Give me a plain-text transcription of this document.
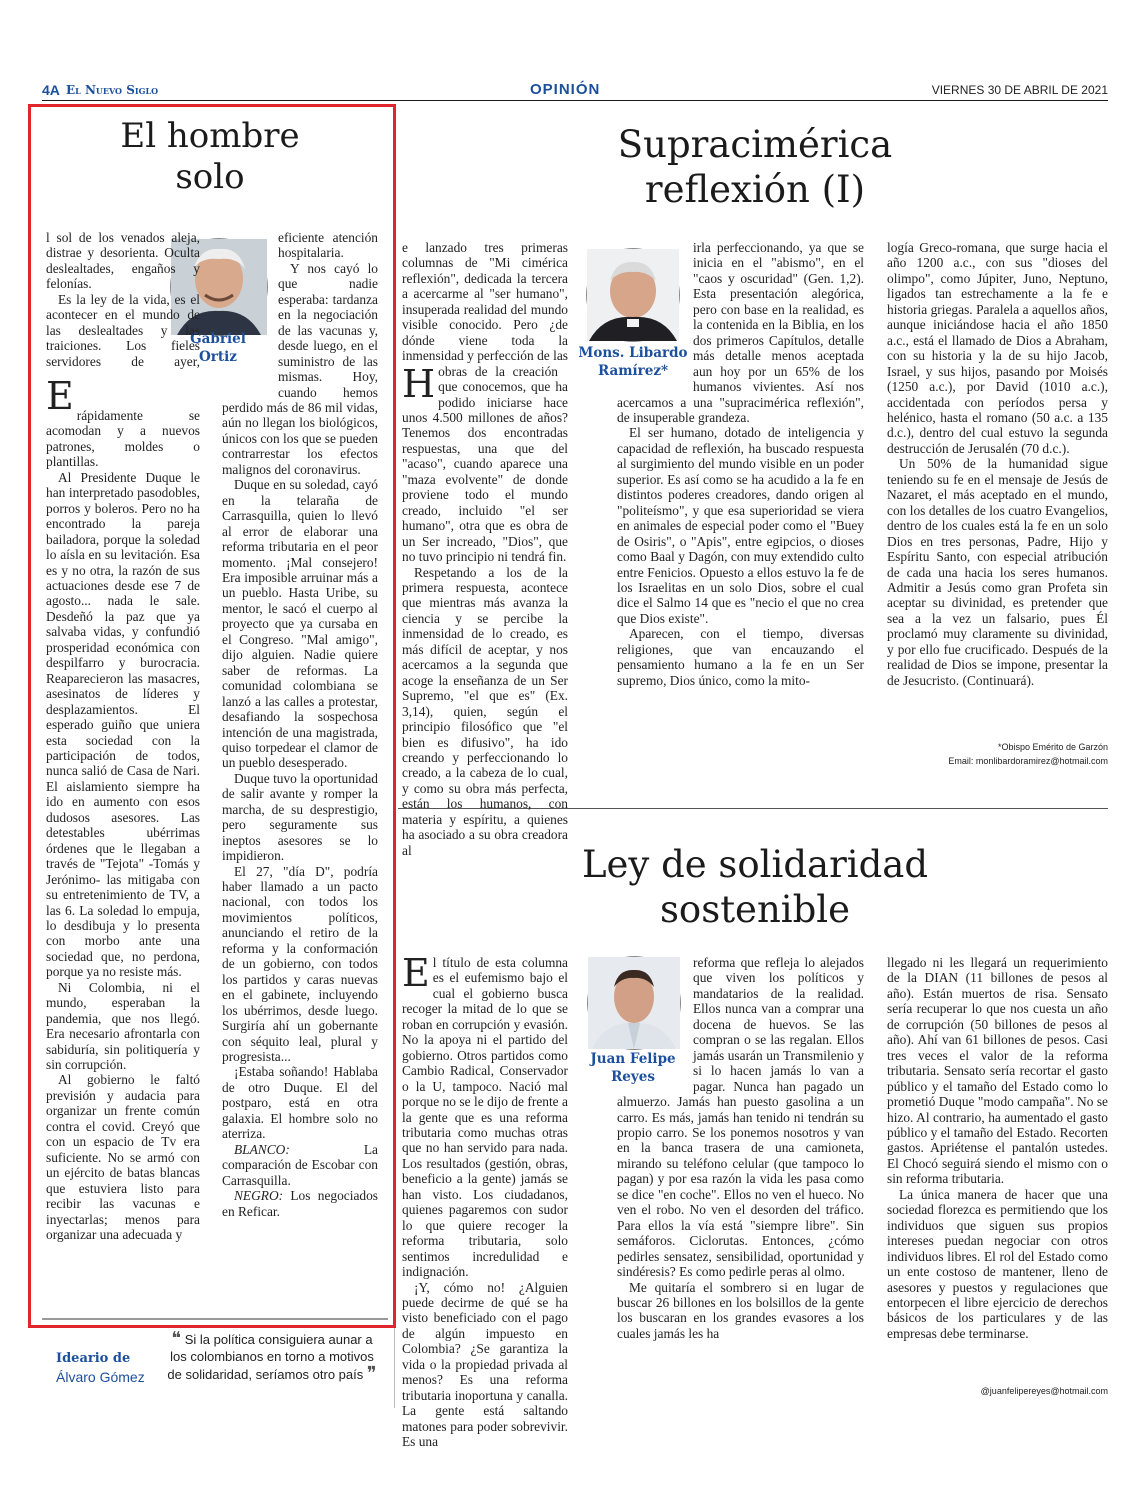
4A El Nuevo Siglo	OPINIÓN	VIERNES 30 DE ABRIL DE 2021
El hombre
solo
Gabriel
Ortiz
E

l sol de los venados aleja, distrae y desorienta. Oculta deslealtades, engaños y felonías.

Es la ley de la vida, es el acontecer en el mundo de las deslealtades y las traiciones. Los fieles servidores de ayer, rápidamente se acomodan y a nuevos patrones, moldes o plantillas.

Al Presidente Duque le han interpretado pasodobles, porros y boleros. Pero no ha encontrado la pareja bailadora, porque la soledad lo aísla en su levitación. Esa es y no otra, la razón de sus actuaciones desde ese 7 de agosto... nada le sale. Desdeñó la paz que ya salvaba vidas, y confundió prosperidad económica con despilfarro y burocracia. Reaparecieron las masacres, asesinatos de líderes y desplazamientos. El esperado guiño que uniera esta sociedad con la participación de todos, nunca salió de Casa de Nari. El aislamiento siempre ha ido en aumento con esos dudosos asesores. Las detestables ubérrimas órdenes que le llegaban a través de "Tejota" -Tomás y Jerónimo- las mitigaba con su entretenimiento de TV, a las 6. La soledad lo empuja, lo desdibuja y lo presenta con morbo ante una sociedad que, no perdona, porque ya no resiste más.

Ni Colombia, ni el mundo, esperaban la pandemia, que nos llegó. Era necesario afrontarla con sabiduría, sin politiquería y sin corrupción.

Al gobierno le faltó previsión y audacia para organizar un frente común contra el covid. Creyó que con un espacio de Tv era suficiente. No se armó con un ejército de batas blancas que estuviera listo para recibir las vacunas e inyectarlas; menos para organizar una adecuada y

eficiente atención hospitalaria.

Y nos cayó lo que nadie esperaba: tardanza en la negociación de las vacunas y, desde luego, en el suministro de las mismas. Hoy, cuando hemos perdido más de 86 mil vidas, aún no llegan los biológicos, únicos con los que se pueden contrarrestar los efectos malignos del coronavirus.

Duque en su soledad, cayó en la telaraña de Carrasquilla, quien lo llevó al error de elaborar una reforma tributaria en el peor momento. ¡Mal consejero! Era imposible arruinar más a un pueblo. Hasta Uribe, su mentor, le sacó el cuerpo al proyecto que ya cursaba en el Congreso. "Mal amigo", dijo alguien. Nadie quiere saber de reformas. La comunidad colombiana se lanzó a las calles a protestar, desafiando la sospechosa intención de una magistrada, quiso torpedear el clamor de un pueblo desesperado.

Duque tuvo la oportunidad de salir avante y romper la marcha, de su desprestigio, pero seguramente sus ineptos asesores se lo impidieron.

El 27, "día D", podría haber llamado a un pacto nacional, con todos los movimientos políticos, anunciando el retiro de la reforma y la conformación de un gobierno, con todos los partidos y caras nuevas en el gabinete, incluyendo los ubérrimos, desde luego. Surgiría ahí un gobernante con séquito leal, plural y progresista...

¡Estaba soñando! Hablaba de otro Duque. El del postparo, está en otra galaxia. El hombre solo no aterriza.

BLANCO: La comparación de Escobar con Carrasquilla.

NEGRO: Los negociados en Reficar.

Ideario de
Álvaro Gómez
❝ Si la política consiguiera aunar a los colombianos en torno a motivos de solidaridad, seríamos otro país ❞
Supracimérica
reflexión (I)
Mons. Libardo
Ramírez*
H

e lanzado tres primeras columnas de "Mi cimérica reflexión", dedicada la tercera a acercarme al "ser humano", insuperada realidad del mundo visible conocido. Pero ¿de dónde viene toda la inmensidad y perfección de las obras de la creación que conocemos, que ha podido iniciarse hace unos 4.500 millones de años? Tenemos dos encontradas respuestas, una que del "acaso", cuando aparece una "maza evolvente" de donde proviene todo el mundo creado, incluido "el ser humano", otra que es obra de un Ser increado, "Dios", que no tuvo principio ni tendrá fin.

Respetando a los de la primera respuesta, acontece que mientras más avanza la ciencia y se percibe la inmensidad de lo creado, es más difícil de aceptar, y nos acercamos a la segunda que acoge la enseñanza de un Ser Supremo, "el que es" (Ex. 3,14), quien, según el principio filosófico que "el bien es difusivo", ha ido creando y perfeccionando lo creado, a la cabeza de lo cual, y como su obra más perfecta, están los humanos, con materia y espíritu, a quienes ha asociado a su obra creadora al

irla perfeccionando, ya que se inicia en el "abismo", en el "caos y oscuridad" (Gen. 1,2). Esta presentación alegórica, pero con base en la realidad, es la contenida en la Biblia, en los dos primeros Capítulos, detalle más detalle menos aceptada aun hoy por un 65% de los humanos vivientes. Así nos acercamos a una "supracimérica reflexión", de insuperable grandeza.

El ser humano, dotado de inteligencia y capacidad de reflexión, ha buscado respuesta al surgimiento del mundo visible en un poder superior. Es así como se ha acudido a la fe en distintos poderes creadores, dando origen al "politeísmo", y que esa superioridad se viera en animales de especial poder como el "Buey de Osiris", o "Apis", entre egipcios, o dioses como Baal y Dagón, con muy extendido culto entre Fenicios. Opuesto a ellos estuvo la fe de los Israelitas en un solo Dios, sobre el cual dice el Salmo 14 que es "necio el que no crea que Dios existe".

Aparecen, con el tiempo, diversas religiones, que van encauzando el pensamiento humano a la fe en un Ser supremo, Dios único, como la mito-

logía Greco-romana, que surge hacia el año 1200 a.c., con sus "dioses del olimpo", como Júpiter, Juno, Neptuno, ligados tan estrechamente a la fe e historia griegas. Paralela a aquellos años, aunque iniciándose hacia el año 1850 a.c., está el llamado de Dios a Abraham, con su historia y la de su hijo Jacob, Israel, y sus hijos, pasando por Moisés (1250 a.c.), por David (1010 a.c.), accidentada con períodos persa y helénico, hasta el romano (50 a.c. a 135 d.c.), dentro del cual estuvo la segunda destrucción de Jerusalén (70 d.c.).

Un 50% de la humanidad sigue teniendo su fe en el mensaje de Jesús de Nazaret, el más aceptado en el mundo, con los detalles de los cuatro Evangelios, dentro de los cuales está la fe en un solo Dios en tres personas, Padre, Hijo y Espíritu Santo, con especial atribución de cada una hacia los seres humanos. Admitir a Jesús como gran Profeta sin aceptar su divinidad, es pretender que sea a la vez un falsario, pues Él proclamó muy claramente su divinidad, y por ello fue crucificado. Después de la realidad de Dios se impone, presentar la de Jesucristo. (Continuará).

*Obispo Emérito de Garzón
Email: monlibardoramirez@hotmail.com
Ley de solidaridad
sostenible
Juan Felipe
Reyes
E l título de esta columna es el eufemismo bajo el cual el gobierno busca recoger la mitad de lo que se roban en corrupción y evasión. No la apoya ni el partido del gobierno. Otros partidos como Cambio Radical, Conservador o la U, tampoco. Nació mal porque no se le dijo de frente a la gente que es una reforma tributaria como muchas otras que no han servido para nada. Los resultados (gestión, obras, beneficio a la gente) jamás se han visto. Los ciudadanos, quienes pagaremos con sudor lo que quiere recoger la reforma tributaria, solo sentimos incredulidad e indignación.

¡Y, cómo no! ¿Alguien puede decirme de qué se ha visto beneficiado con el pago de algún impuesto en Colombia? ¿Se garantiza la vida o la propiedad privada al menos? Es una reforma tributaria inoportuna y canalla. La gente está saltando matones para poder sobrevivir. Es una

reforma que refleja lo alejados que viven los políticos y mandatarios de la realidad. Ellos nunca van a comprar una docena de huevos. Se las compran o se las regalan. Ellos jamás usarán un Transmilenio y si lo hacen jamás lo van a pagar. Nunca han pagado un almuerzo. Jamás han puesto gasolina a un carro. Es más, jamás han tenido ni tendrán su propio carro. Se los ponemos nosotros y van en la banca trasera de una camioneta, mirando su teléfono celular (que tampoco lo pagan) y por esa razón la vida les pasa como se dice "en coche". Ellos no ven el hueco. No ven el robo. No ven el desorden del tráfico. Para ellos la vía está "siempre libre". Sin semáforos. Ciclorutas. Entonces, ¿cómo pedirles sensatez, sensibilidad, oportunidad y sindéresis? Es como pedirle peras al olmo.

Me quitaría el sombrero si en lugar de buscar 26 billones en los bolsillos de la gente los buscaran en los grandes evasores a los cuales jamás les ha

llegado ni les llegará un requerimiento de la DIAN (11 billones de pesos al año). Están muertos de risa. Sensato sería recuperar lo que nos cuesta un año de corrupción (50 billones de pesos al año). Ahí van 61 billones de pesos. Casi tres veces el valor de la reforma tributaria. Sensato sería recortar el gasto público y el tamaño del Estado como lo prometió Duque "modo campaña". No se hizo. Al contrario, ha aumentado el gasto público y el tamaño del Estado. Recorten gastos. Apriétense el pantalón ustedes. El Chocó seguirá siendo el mismo con o sin reforma tributaria.

La única manera de hacer que una sociedad florezca es permitiendo que los individuos que siguen sus propios intereses puedan negociar con otros individuos libres. El rol del Estado como un ente costoso de mantener, lleno de asesores y puestos y regulaciones que entorpecen el libre ejercicio de derechos básicos de los particulares y de las empresas debe terminarse.

@juanfelipereyes@hotmail.com
